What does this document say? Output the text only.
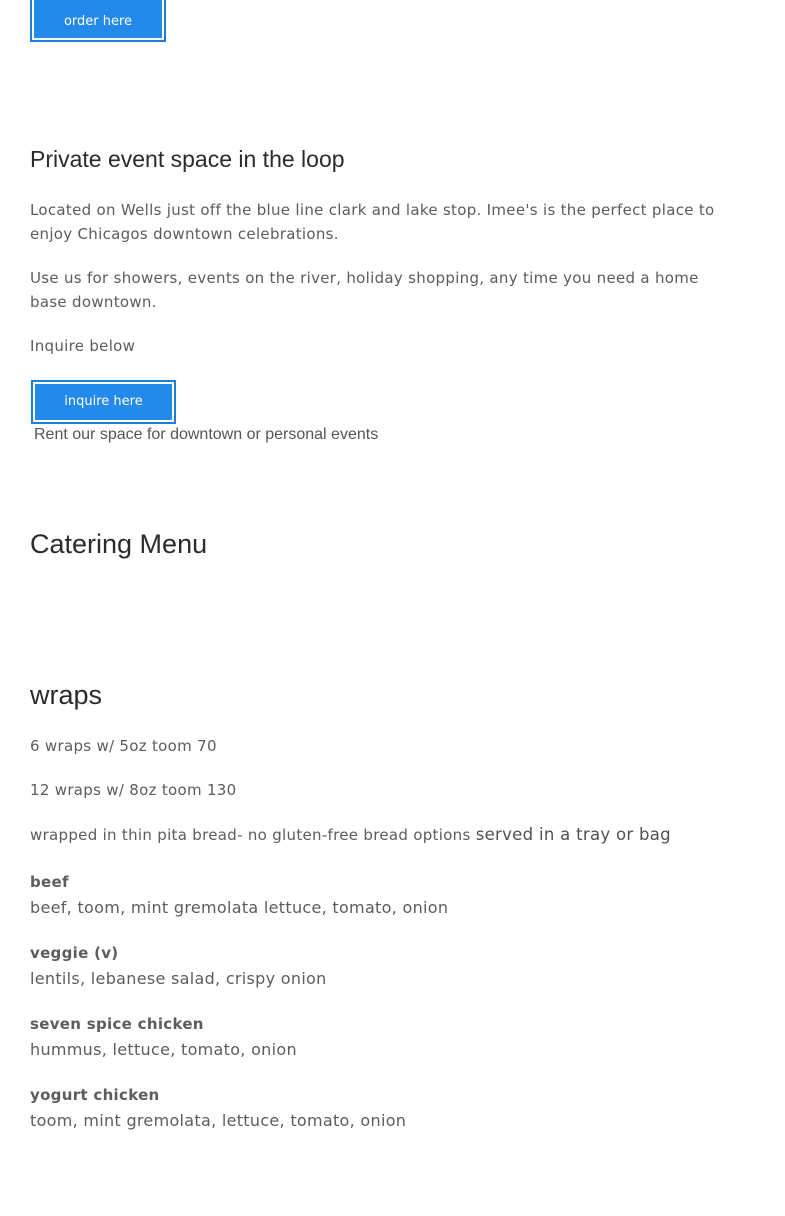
order here
Private event space in the loop
Located on Wells just off the blue line clark and lake stop. Imee's is the perfect place to enjoy Chicagos downtown celebrations.
Use us for showers, events on the river, holiday shopping, any time you need a home base downtown.
Inquire below
inquire here
Rent our space for downtown or personal events
Catering Menu
wraps
6 wraps w/ 5oz toom 70
12 wraps w/ 8oz toom 130
wrapped in thin pita bread- no gluten-free bread options served in a tray or bag
beef
beef, toom, mint gremolata lettuce, tomato, onion
veggie (v)
lentils, lebanese salad, crispy onion
seven spice chicken
hummus, lettuce, tomato, onion
yogurt chicken
toom, mint gremolata, lettuce, tomato, onion
